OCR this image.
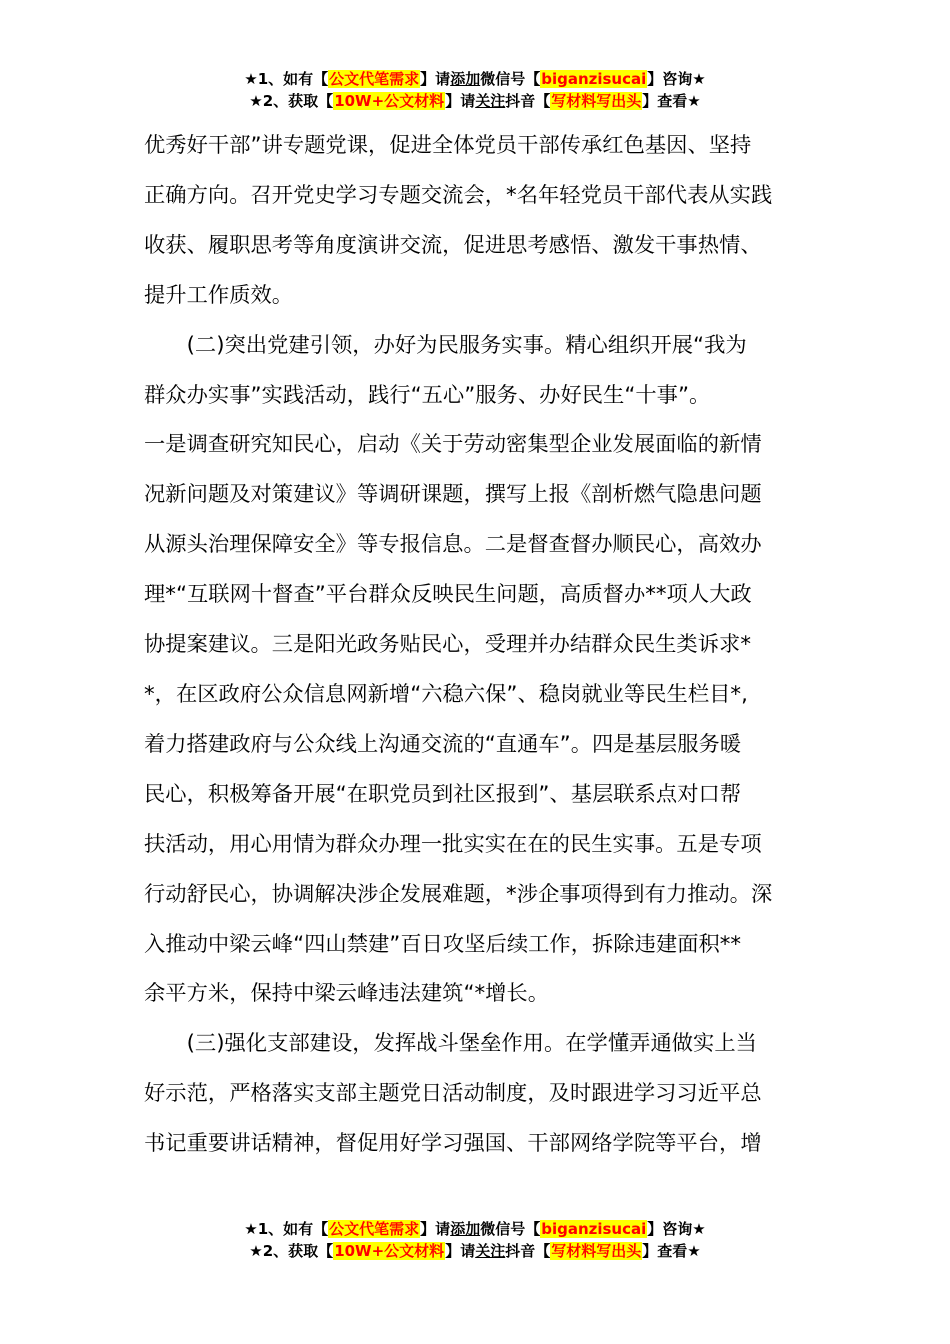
★1、如有【公文代笔需求】请添加微信号【biganzisucai】咨询★
★2、获取【10W+公文材料】请关注抖音【写材料写出头】查看★

优秀好干部”讲专题党课，促进全体党员干部传承红色基因、坚持

正确方向。召开党史学习专题交流会，*名年轻党员干部代表从实践

收获、履职思考等角度演讲交流，促进思考感悟、激发干事热情、

提升工作质效。

　　(二)突出党建引领，办好为民服务实事。精心组织开展“我为

群众办实事”实践活动，践行“五心”服务、办好民生“十事”。

一是调查研究知民心，启动《关于劳动密集型企业发展面临的新情

况新问题及对策建议》等调研课题，撰写上报《剖析燃气隐患问题

从源头治理保障安全》等专报信息。二是督查督办顺民心，高效办

理*“互联网十督查”平台群众反映民生问题，高质督办**项人大政

协提案建议。三是阳光政务贴民心，受理并办结群众民生类诉求*

*，在区政府公众信息网新增“六稳六保”、稳岗就业等民生栏目*,

着力搭建政府与公众线上沟通交流的“直通车”。四是基层服务暖

民心，积极筹备开展“在职党员到社区报到”、基层联系点对口帮

扶活动，用心用情为群众办理一批实实在在的民生实事。五是专项

行动舒民心，协调解决涉企发展难题，*涉企事项得到有力推动。深

入推动中梁云峰“四山禁建”百日攻坚后续工作，拆除违建面积**

余平方米，保持中梁云峰违法建筑“*增长。

　　(三)强化支部建设，发挥战斗堡垒作用。在学懂弄通做实上当

好示范，严格落实支部主题党日活动制度，及时跟进学习习近平总

书记重要讲话精神，督促用好学习强国、干部网络学院等平台，增

★1、如有【公文代笔需求】请添加微信号【biganzisucai】咨询★
★2、获取【10W+公文材料】请关注抖音【写材料写出头】查看★
